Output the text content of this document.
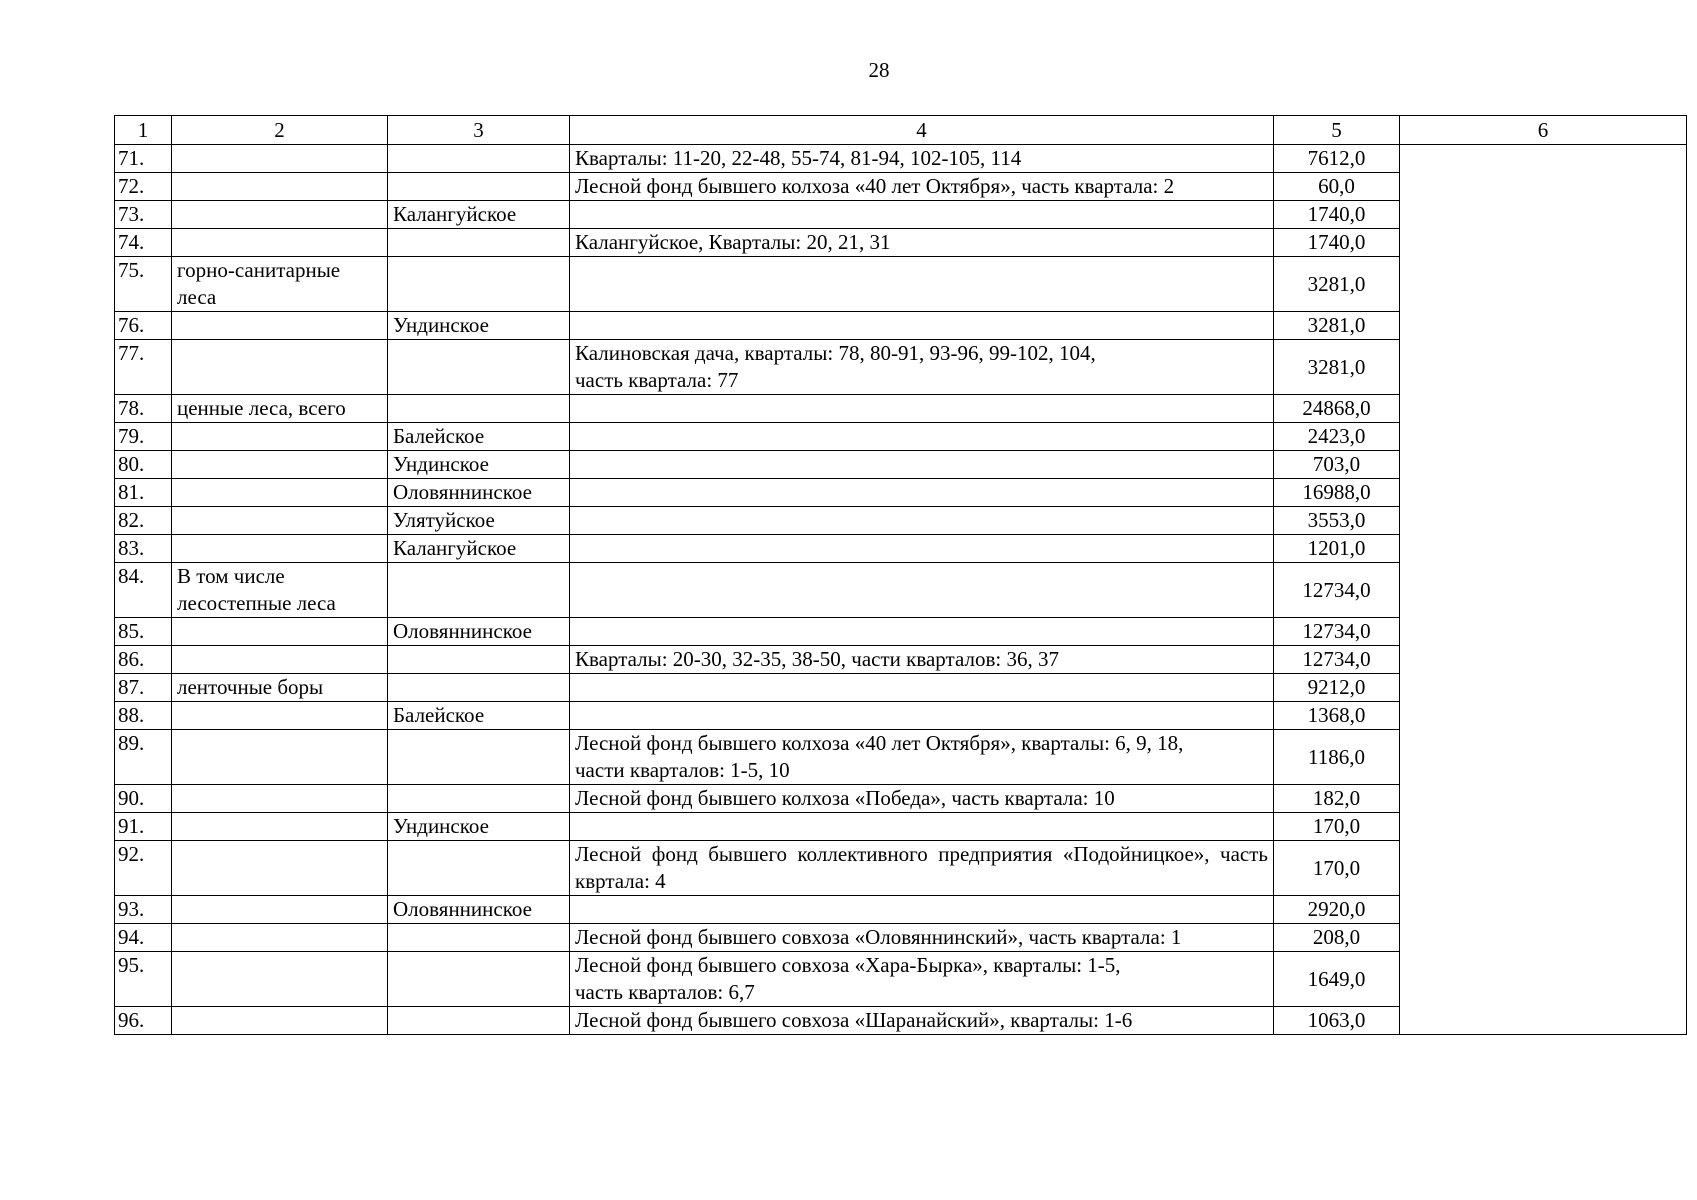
28
1	2	3	4	5	6
71.			Кварталы: 11-20, 22-48, 55-74, 81-94, 102-105, 114	7612,0	
72.			Лесной фонд бывшего колхоза «40 лет Октября», часть квартала: 2	60,0	
73.		Калангуйское		1740,0	
74.			Калангуйское, Кварталы: 20, 21, 31	1740,0	
75.	горно-санитарные леса			3281,0	
76.		Ундинское		3281,0	
77.			Калиновская дача, кварталы: 78, 80-91, 93-96, 99-102, 104,
часть квартала: 77	3281,0	
78.	ценные леса, всего			24868,0	
79.		Балейское		2423,0	
80.		Ундинское		703,0	
81.		Оловяннинское		16988,0	
82.		Улятуйское		3553,0	
83.		Калангуйское		1201,0	
84.	В том числе лесостепные леса			12734,0	
85.		Оловяннинское		12734,0	
86.			Кварталы: 20-30, 32-35, 38-50, части кварталов: 36, 37	12734,0	
87.	ленточные боры			9212,0	
88.		Балейское		1368,0	
89.			Лесной фонд бывшего колхоза «40 лет Октября», кварталы: 6, 9, 18,
части кварталов: 1-5, 10	1186,0	
90.			Лесной фонд бывшего колхоза «Победа», часть квартала: 10	182,0	
91.		Ундинское		170,0	
92.			Лесной фонд бывшего коллективного предприятия «Подойницкое», часть квртала: 4	170,0	
93.		Оловяннинское		2920,0	
94.			Лесной фонд бывшего совхоза «Оловяннинский», часть квартала: 1	208,0	
95.			Лесной фонд бывшего совхоза «Хара-Бырка», кварталы: 1-5,
часть кварталов: 6,7	1649,0	
96.			Лесной фонд бывшего совхоза «Шаранайский», кварталы: 1-6	1063,0	
